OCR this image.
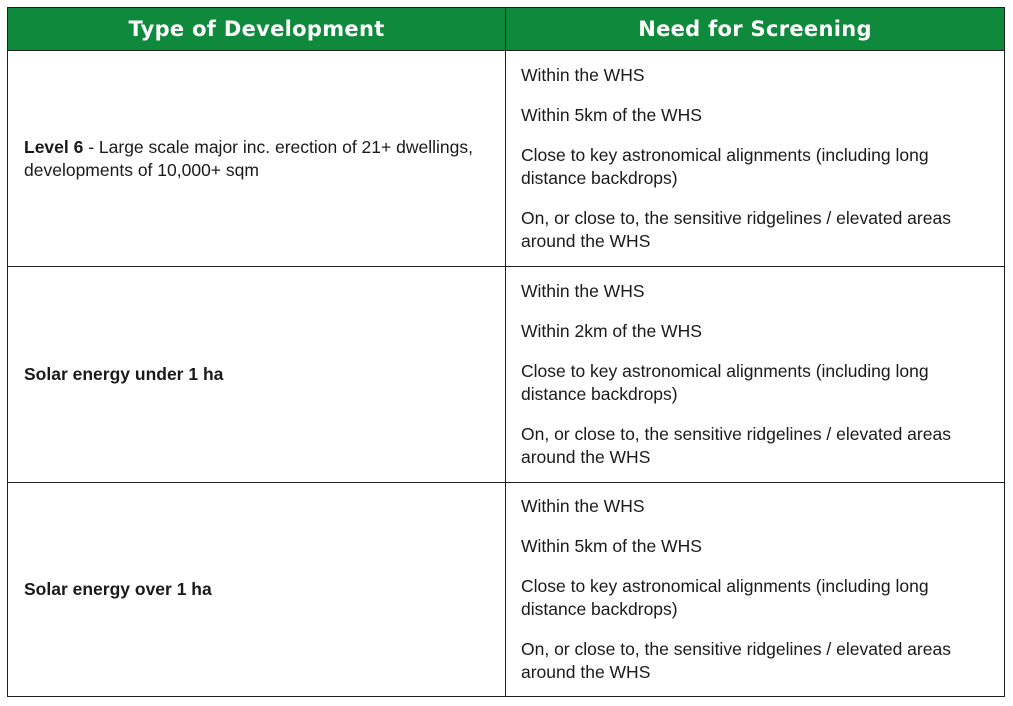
Type of Development	Need for Screening
Level 6 - Large scale major inc. erection of 21+ dwellings, developments of 10,000+ sqm	Within the WHS

Within 5km of the WHS

Close to key astronomical alignments (including long distance backdrops)

On, or close to, the sensitive ridgelines / elevated areas around the WHS

Solar energy under 1 ha	Within the WHS

Within 2km of the WHS

Close to key astronomical alignments (including long distance backdrops)

On, or close to, the sensitive ridgelines / elevated areas around the WHS

Solar energy over 1 ha	Within the WHS

Within 5km of the WHS

Close to key astronomical alignments (including long distance backdrops)

On, or close to, the sensitive ridgelines / elevated areas around the WHS
